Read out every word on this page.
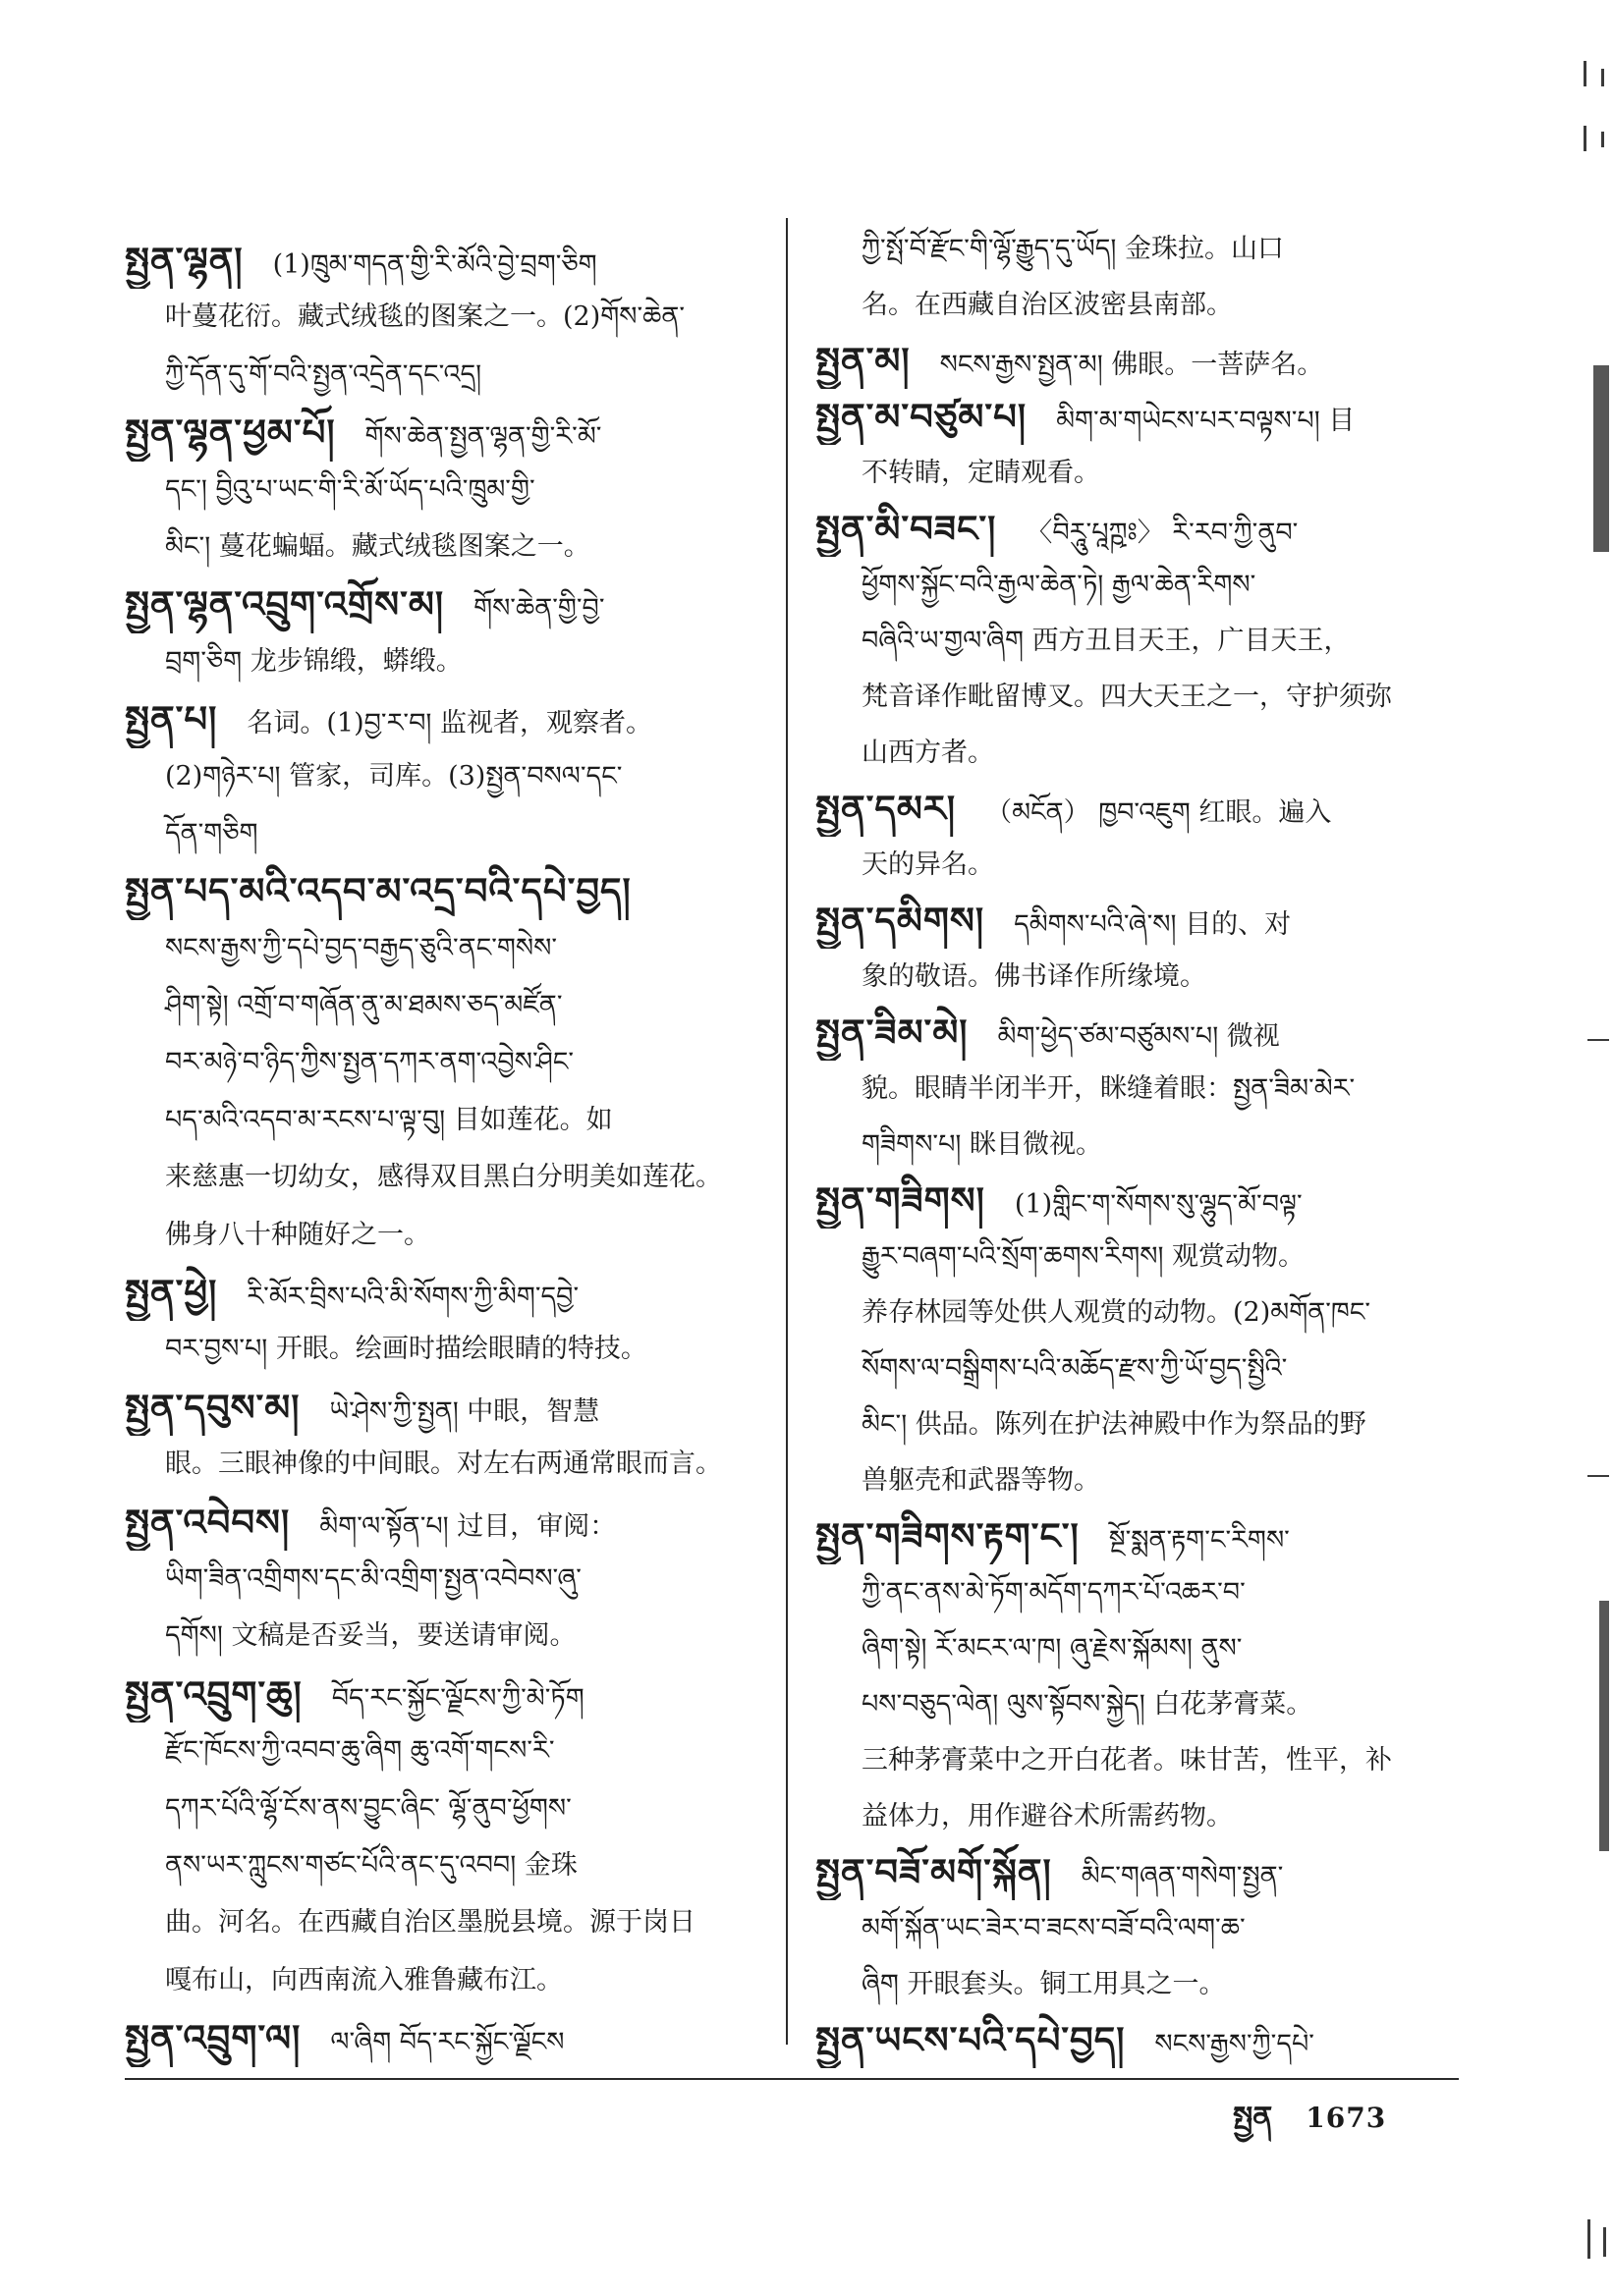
སྤྱན་ལྷན། (1)ཁྲུམ་གདན་གྱི་རི་མོའི་བྱེ་བྲག་ཅིག
叶蔓花衍。藏式绒毯的图案之一。(2)གོས་ཆེན་
ཀྱི་དོན་དུ་གོ་བའི་སྤྱན་འདྲེན་དང་འདྲ།
སྤྱན་ལྷན་ཕྱམ་པོ། གོས་ཆེན་སྤྱན་ལྷན་གྱི་རི་མོ་
དང་། བྱིའུ་པ་ཡང་གི་རི་མོ་ཡོད་པའི་ཁྲུམ་གྱི་
མིང་། 蔓花蝙蝠。藏式绒毯图案之一。
སྤྱན་ལྷན་འབྲུག་འགྲོས་མ། གོས་ཆེན་གྱི་བྱེ་
བྲག་ཅིག 龙步锦缎，蟒缎。
སྤྱན་པ། 名词。(1)བྱ་ར་བ། 监视者，观察者。
(2)གཉེར་པ། 管家，司库。(3)སྤྱན་བསལ་དང་
དོན་གཅིག
སྤྱན་པད་མའི་འདབ་མ་འདྲ་བའི་དཔེ་བྱད།
སངས་རྒྱས་ཀྱི་དཔེ་བྱད་བརྒྱད་ཅུའི་ནང་གསེས་
ཤིག་སྟེ། འགྲོ་བ་གཞོན་ནུ་མ་ཐམས་ཅད་མཛོན་
བར་མཉེ་བ་ཉིད་ཀྱིས་སྤྱན་དཀར་ནག་འབྱེས་ཤིང་
པད་མའི་འདབ་མ་རངས་པ་ལྟ་བུ། 目如莲花。如
来慈惠一切幼女，感得双目黑白分明美如莲花。
佛身八十种随好之一。
སྤྱན་ཕྱེ། རི་མོར་བྲིས་པའི་མི་སོགས་ཀྱི་མིག་དབྱེ་
བར་བྱས་པ། 开眼。绘画时描绘眼睛的特技。
སྤྱན་དབུས་མ། ཡེ་ཤེས་ཀྱི་སྤྱན། 中眼，智慧
眼。三眼神像的中间眼。对左右两通常眼而言。
སྤྱན་འབེབས། མིག་ལ་སྟོན་པ། 过目，审阅：
ཡིག་ཟིན་འགྲིགས་དང་མི་འགྲིག་སྤྱན་འབེབས་ཞུ་
དགོས། 文稿是否妥当，要送请审阅。
སྤྱན་འབྲུག་ཆུ། བོད་རང་སྐྱོང་ལྗོངས་ཀྱི་མེ་ཏོག
རྫོང་ཁོངས་ཀྱི་འབབ་ཆུ་ཞིག ཆུ་འགོ་གངས་རི་
དཀར་པོའི་ལྷོ་ངོས་ནས་བྱུང་ཞིང་ ལྷོ་ནུབ་ཕྱོགས་
ནས་ཡར་ཀླུངས་གཙང་པོའི་ནང་དུ་འབབ། 金珠
曲。河名。在西藏自治区墨脱县境。源于岗日
嘎布山，向西南流入雅鲁藏布江。
སྤྱན་འབྲུག་ལ། ལ་ཞིག བོད་རང་སྐྱོང་ལྗོངས
ཀྱི་སྤོ་བོ་རྫོང་གི་ལྷོ་རྒྱུད་དུ་ཡོད། 金珠拉。山口
名。在西藏自治区波密县南部。
སྤྱན་མ། སངས་རྒྱས་སྤྱན་མ། 佛眼。一菩萨名。
སྤྱན་མ་བཙུམ་པ། མིག་མ་གཡེངས་པར་བལྟས་པ། 目
不转睛，定睛观看。
སྤྱན་མི་བཟང་། 〈བིརཱུ་པཱཀྵཿ〉 རི་རབ་ཀྱི་ནུབ་
ཕྱོགས་སྐྱོང་བའི་རྒྱལ་ཆེན་ཏེ། རྒྱལ་ཆེན་རིགས་
བཞིའི་ཡ་གྱལ་ཞིག 西方丑目天王，广目天王，
梵音译作毗留博叉。四大天王之一，守护须弥
山西方者。
སྤྱན་དམར། （མངོན） ཁྱབ་འཇུག 红眼。遍入
天的异名。
སྤྱན་དམིགས། དམིགས་པའི་ཞེ་ས། 目的、对
象的敬语。佛书译作所缘境。
སྤྱན་ཟིམ་མེ། མིག་ཕྱེད་ཙམ་བཙུམས་པ། 微视
貌。眼睛半闭半开，眯缝着眼：སྤྱན་ཟིམ་མེར་
གཟིགས་པ། 眯目微视。
སྤྱན་གཟིགས། (1)གླིང་ག་སོགས་སུ་ལྷུད་མོ་བལྟ་
རྒྱུར་བཞག་པའི་སྲོག་ཆགས་རིགས། 观赏动物。
养存林园等处供人观赏的动物。(2)མགོན་ཁང་
སོགས་ལ་བསྒྲིགས་པའི་མཆོད་རྫས་ཀྱི་ཡོ་བྱད་སྤྱིའི་
མིང་། 供品。陈列在护法神殿中作为祭品的野
兽躯壳和武器等物。
སྤྱན་གཟིགས་རྟག་ང་། སྔོ་སྨན་རྟག་ང་རིགས་
ཀྱི་ནང་ནས་མེ་ཏོག་མདོག་དཀར་པོ་འཆར་བ་
ཞིག་སྟེ། རོ་མངར་ལ་ཁ། ཞུ་རྗེས་སྐོམས། ནུས་
པས་བཅུད་ལེན། ལུས་སྟོབས་སྐྱེད། 白花茅膏菜。
三种茅膏菜中之开白花者。味甘苦，性平，补
益体力，用作避谷术所需药物。
སྤྱན་བཟོ་མགོ་སྐོན། མིང་གཞན་གསེག་སྤྱན་
མགོ་སྐོན་ཡང་ཟེར་བ་ཟངས་བཟོ་བའི་ལག་ཆ་
ཞིག 开眼套头。铜工用具之一。
སྤྱན་ཡངས་པའི་དཔེ་བྱད། སངས་རྒྱས་ཀྱི་དཔེ་
སྤྱན 1673
